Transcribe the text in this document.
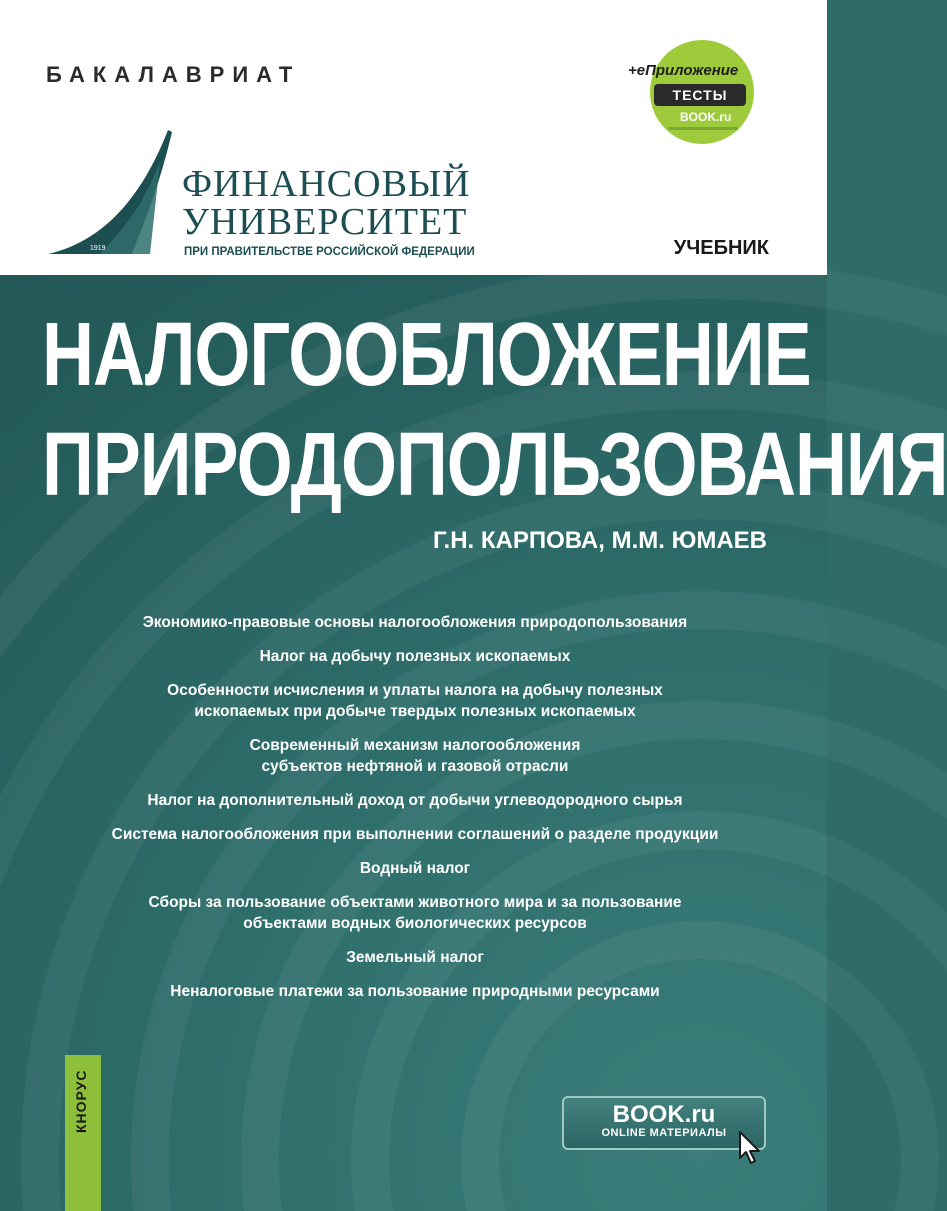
БАКАЛАВРИАТ
1919
ФИНАНСОВЫЙ
УНИВЕРСИТЕТ
ПРИ ПРАВИТЕЛЬСТВЕ РОССИЙСКОЙ ФЕДЕРАЦИИ
+еПриложение
ТЕСТЫ
BOOK.ru
УЧЕБНИК
НАЛОГООБЛОЖЕНИЕ
ПРИРОДОПОЛЬЗОВАНИЯ
Г.Н. КАРПОВА, М.М. ЮМАЕВ
Экономико-правовые основы налогообложения природопользования
Налог на добычу полезных ископаемых
Особенности исчисления и уплаты налога на добычу полезных ископаемых при добыче твердых полезных ископаемых
Современный механизм налогообложения субъектов нефтяной и газовой отрасли
Налог на дополнительный доход от добычи углеводородного сырья
Система налогообложения при выполнении соглашений о разделе продукции
Водный налог
Сборы за пользование объектами животного мира и за пользование объектами водных биологических ресурсов
Земельный налог
Неналоговые платежи за пользование природными ресурсами
КНОРУС	BOOK.ru
ONLINE МАТЕРИАЛЫ
